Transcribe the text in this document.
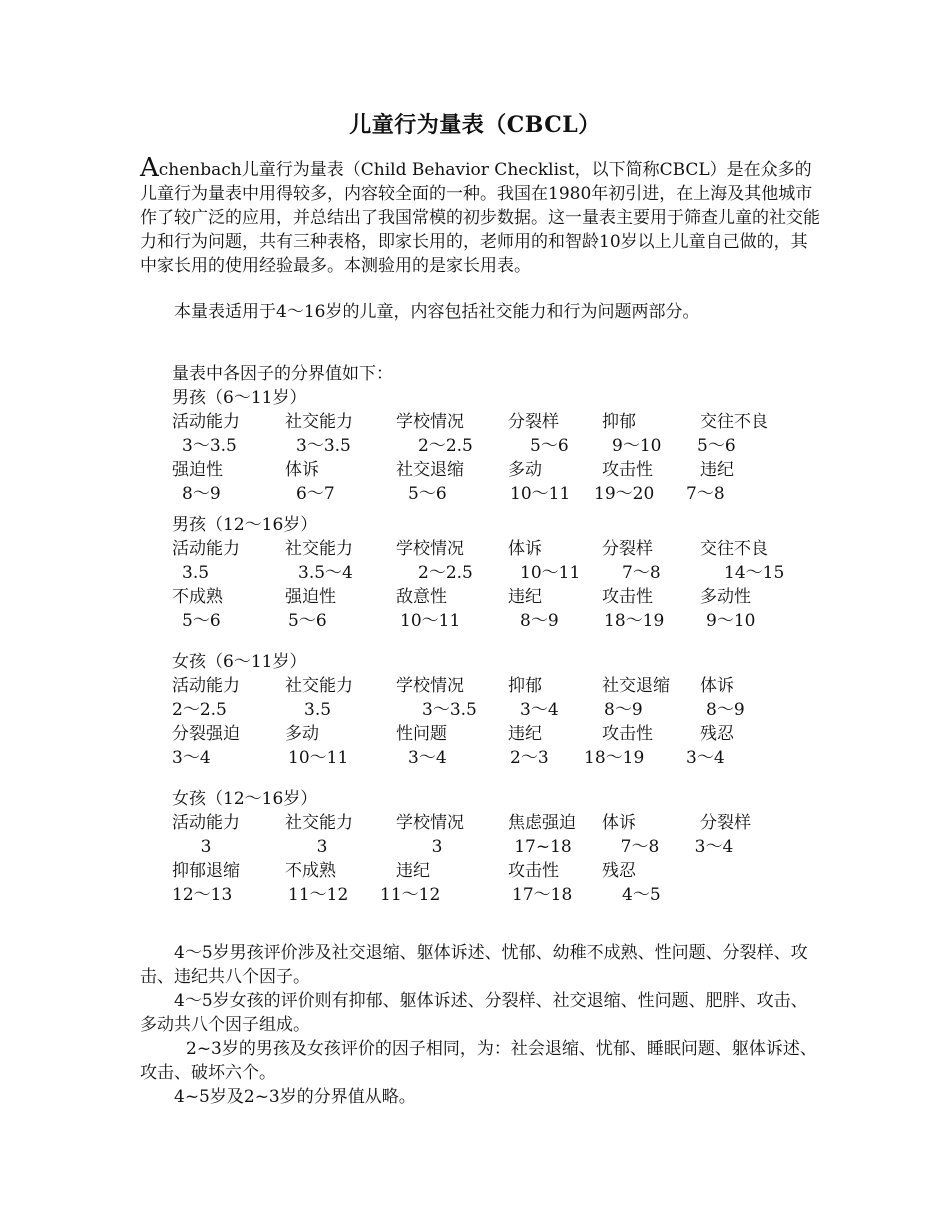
儿童行为量表（CBCL）
Achenbach儿童行为量表（Child Behavior Checklist，以下简称CBCL）是在众多的儿童行为量表中用得较多，内容较全面的一种。我国在1980年初引进，在上海及其他城市作了较广泛的应用，并总结出了我国常模的初步数据。这一量表主要用于筛查儿童的社交能力和行为问题，共有三种表格，即家长用的，老师用的和智龄10岁以上儿童自己做的，其中家长用的使用经验最多。本测验用的是家长用表。
本量表适用于4～16岁的儿童，内容包括社交能力和行为问题两部分。
量表中各因子的分界值如下：
男孩（6～11岁）
活动能力	社交能力	学校情况	分裂样	抑郁	交往不良
3～3.5	3～3.5	2～2.5	5～6	9～10 5～6
强迫性	体诉	社交退缩	多动	攻击性	违纪
8～9	6～7	5～6	10～11 19～20 7～8
男孩（12～16岁）
活动能力	社交能力	学校情况	体诉	分裂样	交往不良
3.5	3.5～4	2～2.5	10～11 7～8	14～15
不成熟	强迫性	敌意性	违纪	攻击性	多动性
5～6	5～6	10～11	8～9	18～19 9～10
女孩（6～11岁）
活动能力	社交能力	学校情况	抑郁	社交退缩 体诉
2～2.5	3.5	3～3.5	3～4	8～9	8～9
分裂强迫	多动	性问题	违纪	攻击性	残忍
3～4	10～11	3～4	2～3 18～19 3～4
女孩（12～16岁）
活动能力	社交能力	学校情况	焦虑强迫 体诉	分裂样
3	3	3	17~18	7～8 3～4
抑郁退缩	不成熟	违纪	攻击性	残忍
12～13	11～12 11～12	17～18	4～5
4～5岁男孩评价涉及社交退缩、躯体诉述、忧郁、幼稚不成熟、性问题、分裂样、攻击、违纪共八个因子。
4～5岁女孩的评价则有抑郁、躯体诉述、分裂样、社交退缩、性问题、肥胖、攻击、多动共八个因子组成。
2~3岁的男孩及女孩评价的因子相同，为：社会退缩、忧郁、睡眠问题、躯体诉述、攻击、破坏六个。
4~5岁及2~3岁的分界值从略。
